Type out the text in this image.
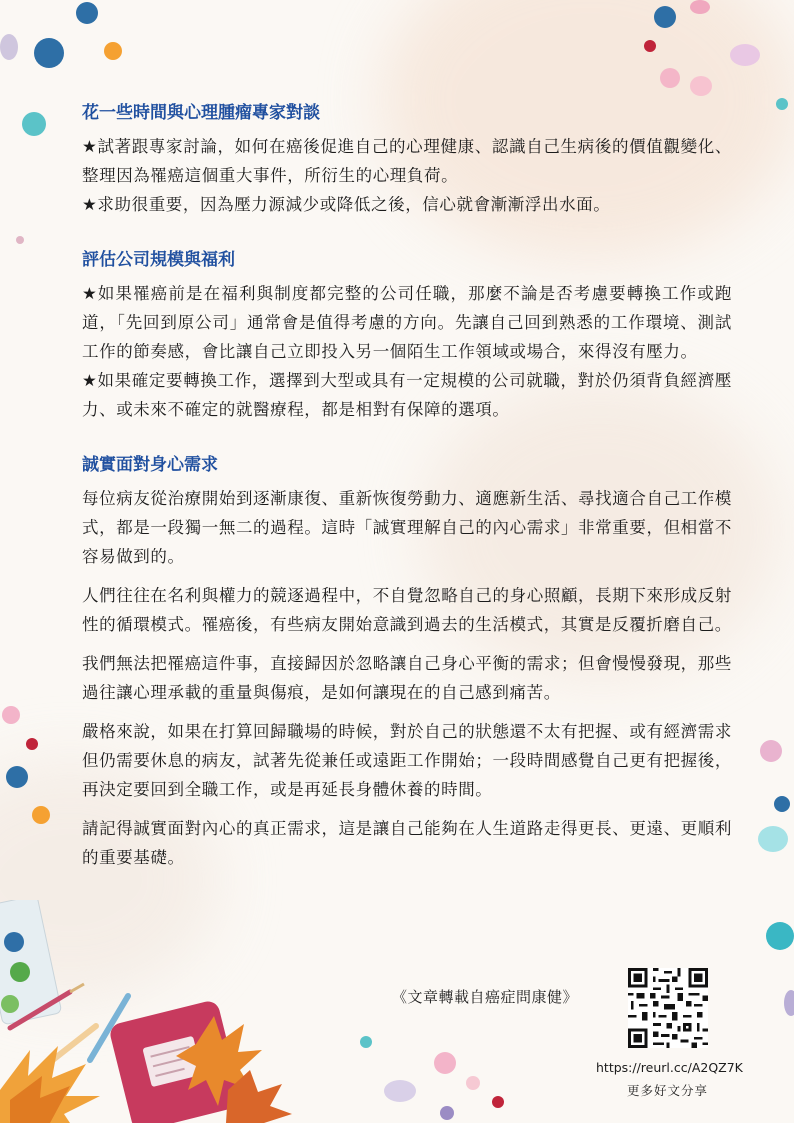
花一些時間與心理腫瘤專家對談

★試著跟專家討論，如何在癌後促進自己的心理健康、認識自己生病後的價值觀變化、整理因為罹癌這個重大事件，所衍生的心理負荷。

★求助很重要，因為壓力源減少或降低之後，信心就會漸漸浮出水面。

評估公司規模與福利

★如果罹癌前是在福利與制度都完整的公司任職，那麼不論是否考慮要轉換工作或跑道，「先回到原公司」通常會是值得考慮的方向。先讓自己回到熟悉的工作環境、測試工作的節奏感，會比讓自己立即投入另一個陌生工作領域或場合，來得沒有壓力。

★如果確定要轉換工作，選擇到大型或具有一定規模的公司就職，對於仍須背負經濟壓力、或未來不確定的就醫療程，都是相對有保障的選項。

誠實面對身心需求

每位病友從治療開始到逐漸康復、重新恢復勞動力、適應新生活、尋找適合自己工作模式，都是一段獨一無二的過程。這時「誠實理解自己的內心需求」非常重要，但相當不容易做到的。

人們往往在名利與權力的競逐過程中，不自覺忽略自己的身心照顧，長期下來形成反射性的循環模式。罹癌後，有些病友開始意識到過去的生活模式，其實是反覆折磨自己。

我們無法把罹癌這件事，直接歸因於忽略讓自己身心平衡的需求；但會慢慢發現，那些過往讓心理承載的重量與傷痕，是如何讓現在的自己感到痛苦。

嚴格來說，如果在打算回歸職場的時候，對於自己的狀態還不太有把握、或有經濟需求但仍需要休息的病友，試著先從兼任或遠距工作開始；一段時間感覺自己更有把握後，再決定要回到全職工作，或是再延長身體休養的時間。

請記得誠實面對內心的真正需求，這是讓自己能夠在人生道路走得更長、更遠、更順利的重要基礎。

《文章轉載自癌症問康健》
https://reurl.cc/A2QZ7K
更多好文分享
